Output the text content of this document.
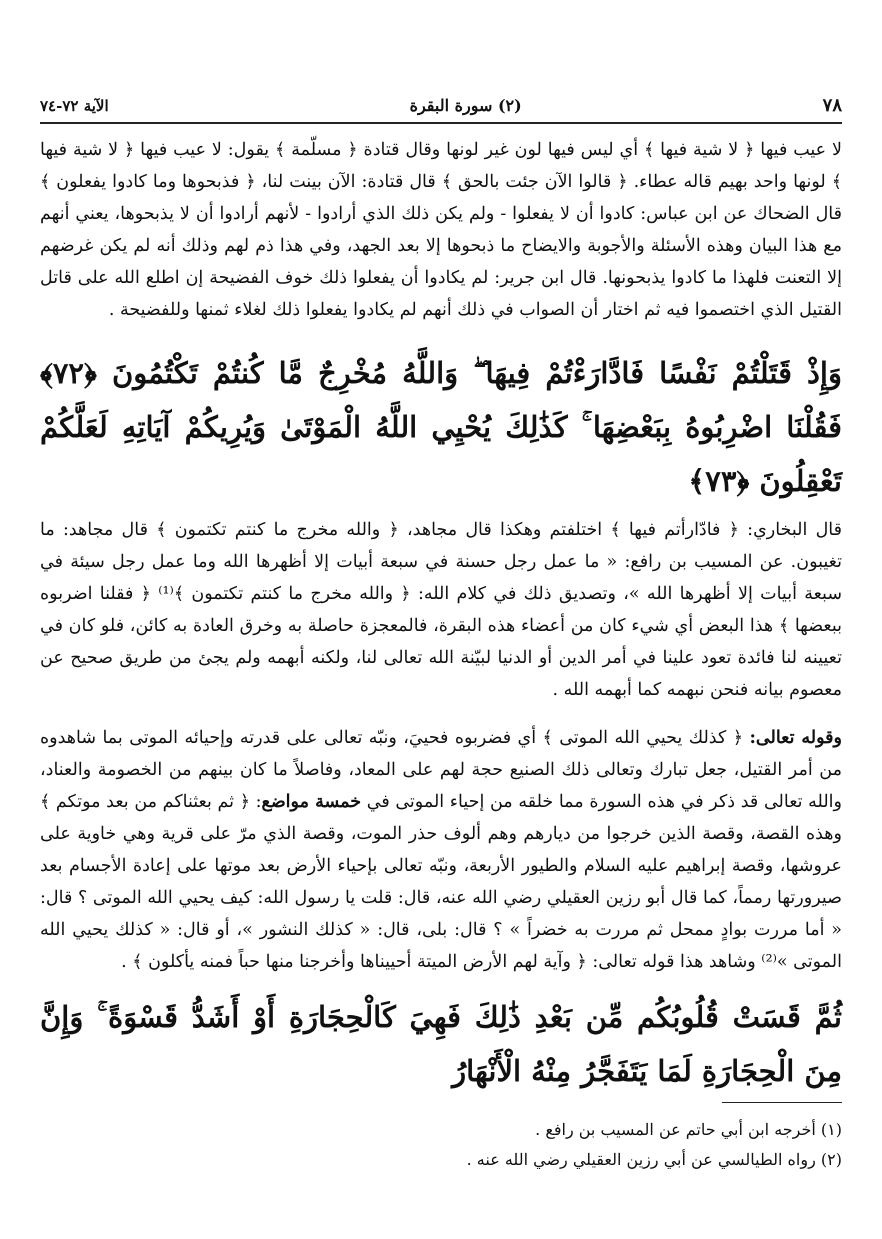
٧٨
(٢) سورة البقرة
الآية ٧٢-٧٤

لا عيب فيها ﴿ لا شية فيها ﴾ أي ليس فيها لون غير لونها وقال قتادة ﴿ مسلّمة ﴾ يقول: لا عيب فيها ﴿ لا شية فيها ﴾ لونها واحد بهيم قاله عطاء. ﴿ قالوا الآن جئت بالحق ﴾ قال قتادة: الآن بينت لنا، ﴿ فذبحوها وما كادوا يفعلون ﴾ قال الضحاك عن ابن عباس: كادوا أن لا يفعلوا - ولم يكن ذلك الذي أرادوا - لأنهم أرادوا أن لا يذبحوها، يعني أنهم مع هذا البيان وهذه الأسئلة والأجوبة والايضاح ما ذبحوها إلا بعد الجهد، وفي هذا ذم لهم وذلك أنه لم يكن غرضهم إلا التعنت فلهذا ما كادوا يذبحونها. قال ابن جرير: لم يكادوا أن يفعلوا ذلك خوف الفضيحة إن اطلع الله على قاتل القتيل الذي اختصموا فيه ثم اختار أن الصواب في ذلك أنهم لم يكادوا يفعلوا ذلك لغلاء ثمنها وللفضيحة .

وَإِذْ قَتَلْتُمْ نَفْسًا فَادَّارَءْتُمْ فِيهَا ۖ وَاللَّهُ مُخْرِجٌ مَّا كُنتُمْ تَكْتُمُونَ ﴿٧٢﴾ فَقُلْنَا اضْرِبُوهُ بِبَعْضِهَا ۚ كَذَٰلِكَ يُحْيِي اللَّهُ الْمَوْتَىٰ وَيُرِيكُمْ آيَاتِهِ لَعَلَّكُمْ تَعْقِلُونَ ﴿٧٣﴾

قال البخاري: ﴿ فادّارأتم فيها ﴾ اختلفتم وهكذا قال مجاهد، ﴿ والله مخرج ما كنتم تكتمون ﴾ قال مجاهد: ما تغيبون. عن المسيب بن رافع: « ما عمل رجل حسنة في سبعة أبيات إلا أظهرها الله وما عمل رجل سيئة في سبعة أبيات إلا أظهرها الله »، وتصديق ذلك في كلام الله: ﴿ والله مخرج ما كنتم تكتمون ﴾⁽¹⁾ ﴿ فقلنا اضربوه ببعضها ﴾ هذا البعض أي شيء كان من أعضاء هذه البقرة، فالمعجزة حاصلة به وخرق العادة به كائن، فلو كان في تعيينه لنا فائدة تعود علينا في أمر الدين أو الدنيا لبيّنة الله تعالى لنا، ولكنه أبهمه ولم يجئ من طريق صحيح عن معصوم بيانه فنحن نبهمه كما أبهمه الله .

وقوله تعالى: ﴿ كذلك يحيي الله الموتى ﴾ أي فضربوه فحييَ، ونبّه تعالى على قدرته وإحيائه الموتى بما شاهدوه من أمر القتيل، جعل تبارك وتعالى ذلك الصنيع حجة لهم على المعاد، وفاصلاً ما كان بينهم من الخصومة والعناد، والله تعالى قد ذكر في هذه السورة مما خلقه من إحياء الموتى في خمسة مواضع: ﴿ ثم بعثناكم من بعد موتكم ﴾ وهذه القصة، وقصة الذين خرجوا من ديارهم وهم ألوف حذر الموت، وقصة الذي مرّ على قرية وهي خاوية على عروشها، وقصة إبراهيم عليه السلام والطيور الأربعة، ونبّه تعالى بإحياء الأرض بعد موتها على إعادة الأجسام بعد صيرورتها رمماً، كما قال أبو رزين العقيلي رضي الله عنه، قال: قلت يا رسول الله: كيف يحيي الله الموتى ؟ قال: « أما مررت بوادٍ ممحل ثم مررت به خضراً » ؟ قال: بلى، قال: « كذلك النشور »، أو قال: « كذلك يحيي الله الموتى »⁽²⁾ وشاهد هذا قوله تعالى: ﴿ وآية لهم الأرض الميتة أحييناها وأخرجنا منها حباً فمنه يأكلون ﴾ .

ثُمَّ قَسَتْ قُلُوبُكُم مِّن بَعْدِ ذَٰلِكَ فَهِيَ كَالْحِجَارَةِ أَوْ أَشَدُّ قَسْوَةً ۚ وَإِنَّ مِنَ الْحِجَارَةِ لَمَا يَتَفَجَّرُ مِنْهُ الْأَنْهَارُ

(١) أخرجه ابن أبي حاتم عن المسيب بن رافع .

(٢) رواه الطيالسي عن أبي رزين العقيلي رضي الله عنه .
